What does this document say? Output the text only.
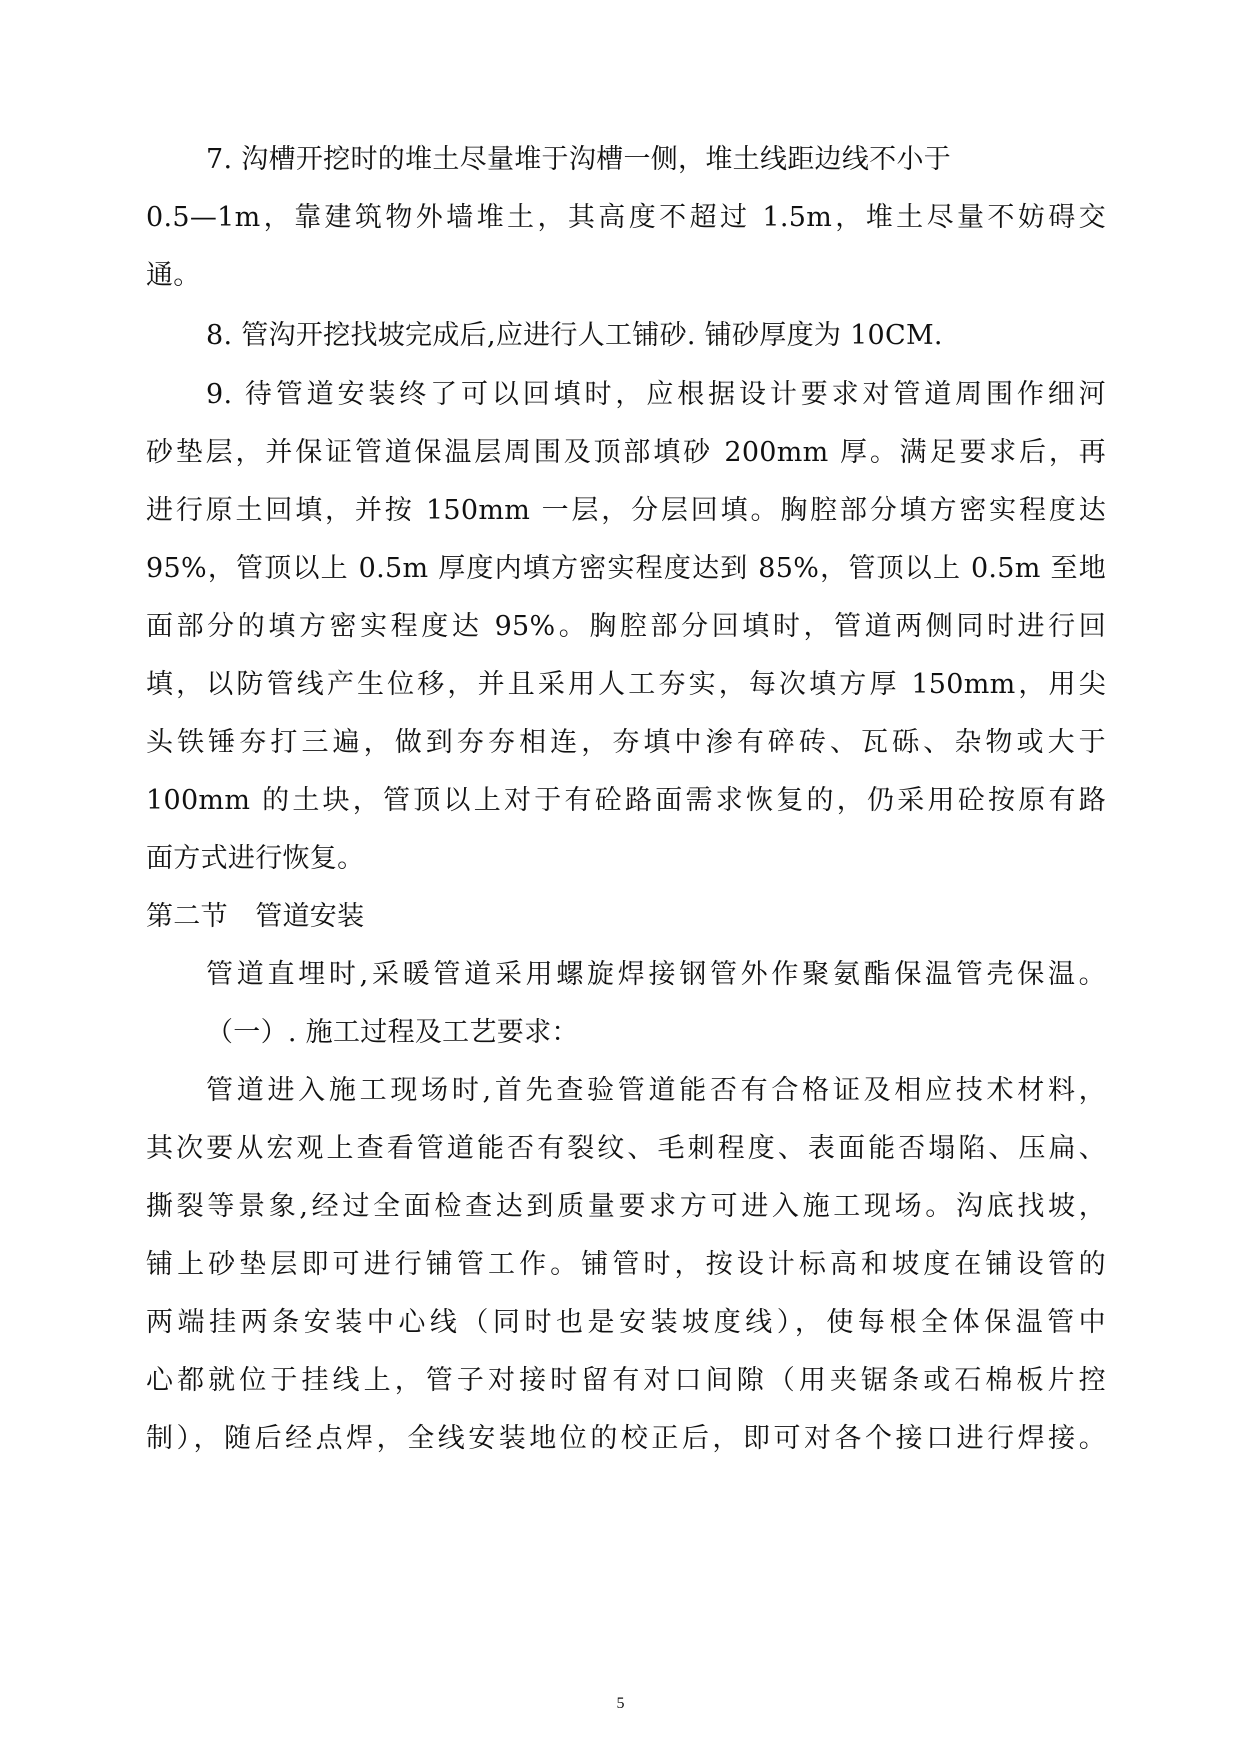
7. 沟槽开挖时的堆土尽量堆于沟槽一侧，堆土线距边线不小于
0.5—1m，靠建筑物外墙堆土，其高度不超过 1.5m，堆土尽量不妨碍交
通。
8. 管沟开挖找坡完成后,应进行人工铺砂. 铺砂厚度为 10CM.
9. 待管道安装终了可以回填时，应根据设计要求对管道周围作细河
砂垫层，并保证管道保温层周围及顶部填砂 200mm 厚。满足要求后，再
进行原土回填，并按 150mm 一层，分层回填。胸腔部分填方密实程度达
95%，管顶以上 0.5m 厚度内填方密实程度达到 85%，管顶以上 0.5m 至地
面部分的填方密实程度达 95%。胸腔部分回填时，管道两侧同时进行回
填，以防管线产生位移，并且采用人工夯实，每次填方厚 150mm，用尖
头铁锤夯打三遍，做到夯夯相连，夯填中渗有碎砖、瓦砾、杂物或大于
100mm 的土块，管顶以上对于有砼路面需求恢复的，仍采用砼按原有路
面方式进行恢复。
第二节　管道安装
管道直埋时,采暖管道采用螺旋焊接钢管外作聚氨酯保温管壳保温。
（一）. 施工过程及工艺要求：
管道进入施工现场时,首先查验管道能否有合格证及相应技术材料，
其次要从宏观上查看管道能否有裂纹、毛刺程度、表面能否塌陷、压扁、
撕裂等景象,经过全面检查达到质量要求方可进入施工现场。沟底找坡，
铺上砂垫层即可进行铺管工作。铺管时，按设计标高和坡度在铺设管的
两端挂两条安装中心线（同时也是安装坡度线），使每根全体保温管中
心都就位于挂线上，管子对接时留有对口间隙（用夹锯条或石棉板片控
制），随后经点焊，全线安装地位的校正后，即可对各个接口进行焊接。
5
